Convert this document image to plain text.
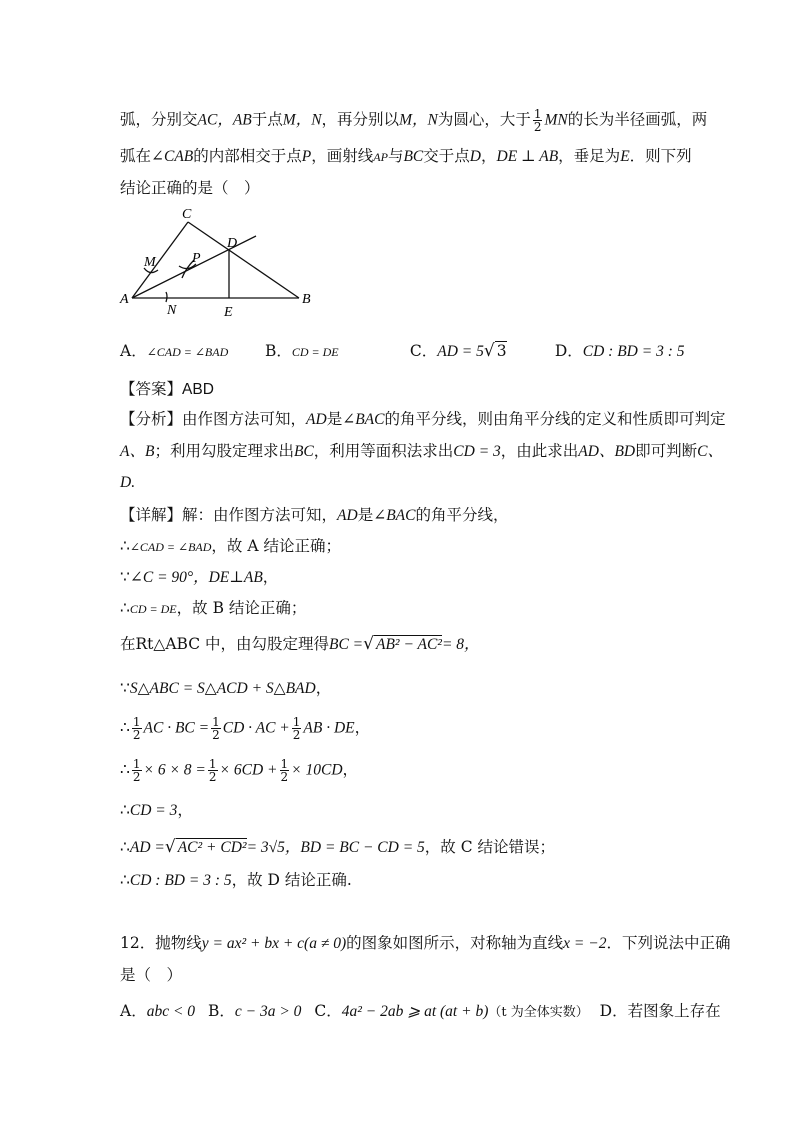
弧，分别交AC，AB于点M，N，再分别以M，N为圆心，大于 $\frac{1}{2}$ MN的长为半径画弧，两
弧在∠CAB的内部相交于点P，画射线AP与BC交于点D，DE ⊥ AB，垂足为E．则下列
结论正确的是（　）
C
D
M	P
A
N	E
B
A．∠CAD = ∠BAD B．CD = DE	C．AD = 5√ 3	D．CD : BD = 3 : 5
【答案】ABD
【分析】由作图方法可知，AD是∠BAC的角平分线，则由角平分线的定义和性质即可判定
A、B；利用勾股定理求出BC，利用等面积法求出CD = 3，由此求出AD、BD即可判断C、
D.
【详解】解：由作图方法可知，AD是∠BAC的角平分线，
∴∠CAD = ∠BAD，故 A 结论正确；
∵∠C = 90°，DE⊥AB，
∴CD = DE，故 B 结论正确；
在Rt△ABC 中，由勾股定理得BC =√ AB² − AC²= 8，
∵S△ABC = S△ACD + S△BAD，
∴ $\frac{1}{2}$ AC · BC = $\frac{1}{2}$ CD · AC + $\frac{1}{2}$ AB · DE，
∴ $\frac{1}{2} \times 6 \times 8 = \frac{1}{2} \times 6CD + \frac{1}{2} \times 10CD$，
∴CD = 3，
∴AD =√ AC² + CD²= 3√5，BD = BC − CD = 5，故 C 结论错误；
∴CD : BD = 3 : 5，故 D 结论正确.
12．抛物线y = ax² + bx + c(a ≠ 0)的图象如图所示，对称轴为直线x = −2．下列说法中正确
是（　）
A．abc < 0 B．c − 3a > 0 C．4a² − 2ab ⩾ at (at + b)（t 为全体实数） D．若图象上存在
